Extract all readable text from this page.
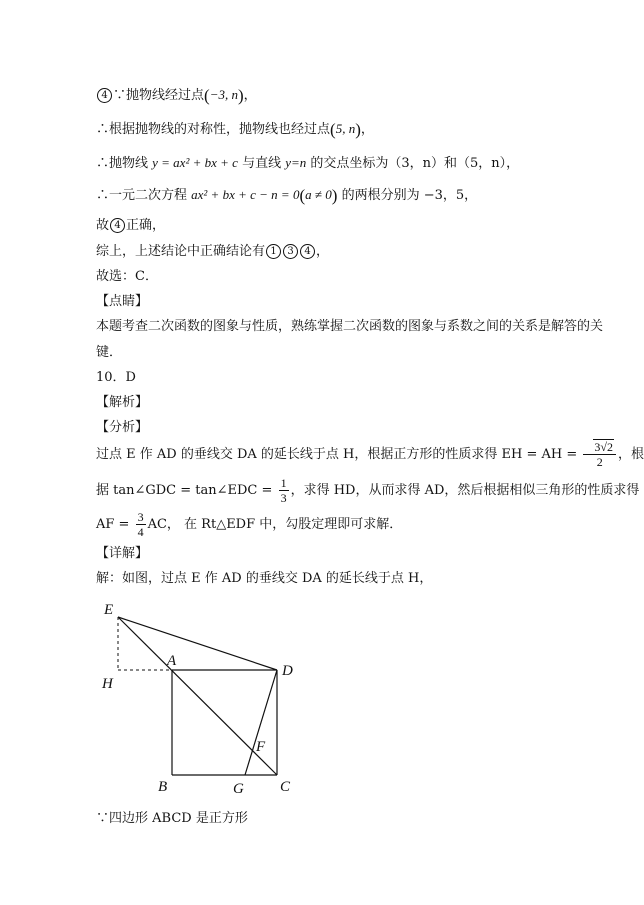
4 ∵抛物线经过点(−3, n)，
∴根据抛物线的对称性，抛物线也经过点(5, n)，
∴抛物线 y = ax² + bx + c 与直线 y=n 的交点坐标为（3，n）和（5，n），
∴一元二次方程 ax² + bx + c − n = 0(a ≠ 0) 的两根分别为 −3，5，
故 4 正确，
综上，上述结论中正确结论有 1 3 4 ，
故选：C．
【点睛】
本题考查二次函数的图象与性质，熟练掌握二次函数的图象与系数之间的关系是解答的关
键．
10．D
【解析】
【分析】
过点 E 作 AD 的垂线交 DA 的延长线于点 H，根据正方形的性质求得 EH = AH = $\frac{3√2}{2}$ ，根
据 tan∠GDC = tan∠EDC = $\frac{1}{3}$ ，求得 HD，从而求得 AD，然后根据相似三角形的性质求得
AF = $\frac{3}{4}$ AC， 在 Rt△EDF 中，勾股定理即可求解．
【详解】
解：如图，过点 E 作 AD 的垂线交 DA 的延长线于点 H，
E
H
A
D
F
B	G C
∵四边形 ABCD 是正方形
